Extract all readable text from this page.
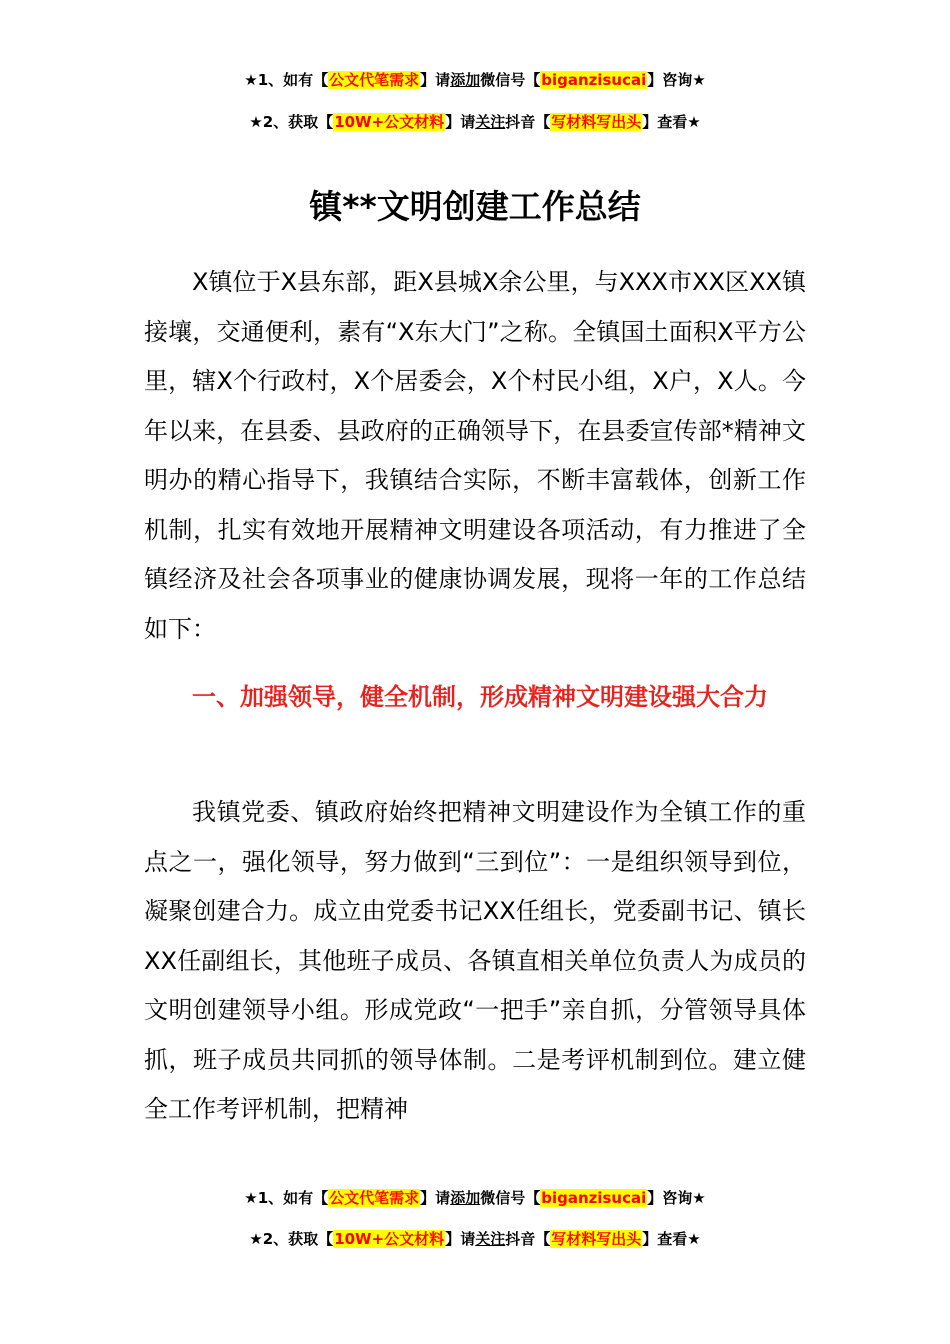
★1、如有【公文代笔需求】请添加微信号【biganzisucai】咨询★
★2、获取【10W+公文材料】请关注抖音【写材料写出头】查看★
镇**文明创建工作总结

X镇位于X县东部，距X县城X余公里，与XXX市XX区XX镇接壤，交通便利，素有“X东大门”之称。全镇国土面积X平方公里，辖X个行政村，X个居委会，X个村民小组，X户，X人。今年以来，在县委、县政府的正确领导下，在县委宣传部*精神文明办的精心指导下，我镇结合实际，不断丰富载体，创新工作机制，扎实有效地开展精神文明建设各项活动，有力推进了全镇经济及社会各项事业的健康协调发展，现将一年的工作总结如下：

一、加强领导，健全机制，形成精神文明建设强大合力

我镇党委、镇政府始终把精神文明建设作为全镇工作的重点之一，强化领导，努力做到“三到位”：一是组织领导到位，凝聚创建合力。成立由党委书记XX任组长，党委副书记、镇长XX任副组长，其他班子成员、各镇直相关单位负责人为成员的文明创建领导小组。形成党政“一把手”亲自抓，分管领导具体抓，班子成员共同抓的领导体制。二是考评机制到位。建立健全工作考评机制，把精神

★1、如有【公文代笔需求】请添加微信号【biganzisucai】咨询★
★2、获取【10W+公文材料】请关注抖音【写材料写出头】查看★
